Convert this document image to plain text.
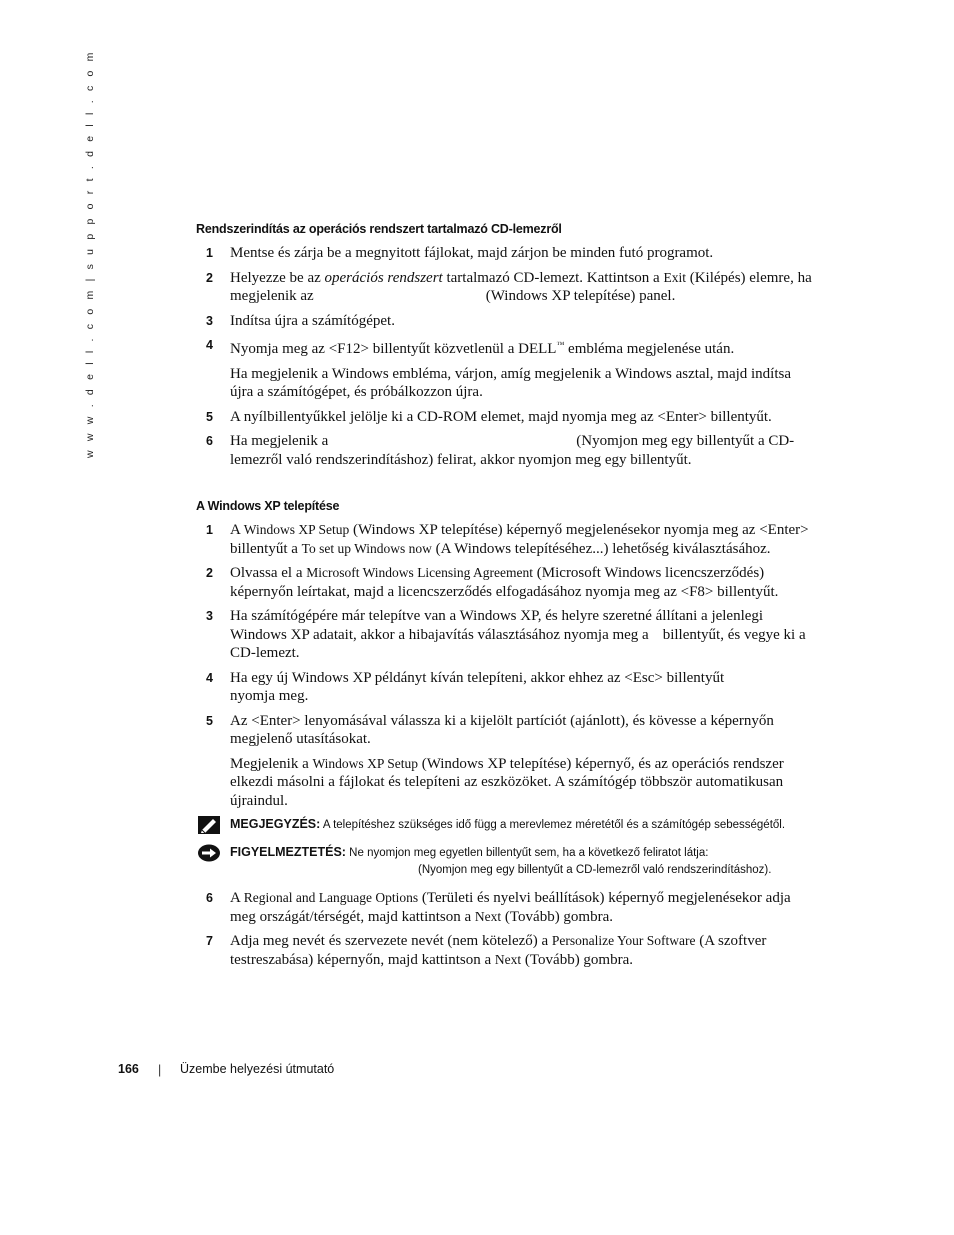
w w w . d e l l . c o m | s u p p o r t . d e l l . c o m	Rendszerindítás az operációs rendszert tartalmazó CD-lemezről
1 Mentse és zárja be a megnyitott fájlokat, majd zárjon be minden futó programot.

2 Helyezze be az operációs rendszert tartalmazó CD-lemezt. Kattintson a Exit (Kilépés) elemre, ha megjelenik az	(Windows XP telepítése) panel.

3 Indítsa újra a számítógépet.

4 Nyomja meg az <F12> billentyűt közvetlenül a DELL™ embléma megjelenése után.

Ha megjelenik a Windows embléma, várjon, amíg megjelenik a Windows asztal, majd indítsa újra a számítógépet, és próbálkozzon újra.

5 A nyílbillentyűkkel jelölje ki a CD-ROM elemet, majd nyomja meg az <Enter> billentyűt.

6 Ha megjelenik a	(Nyomjon meg egy billentyűt a CD-lemezről való rendszerindításhoz) felirat, akkor nyomjon meg egy billentyűt.

A Windows XP telepítése
1 A Windows XP Setup (Windows XP telepítése) képernyő megjelenésekor nyomja meg az <Enter> billentyűt a To set up Windows now (A Windows telepítéséhez...) lehetőség kiválasztásához.

2 Olvassa el a Microsoft Windows Licensing Agreement (Microsoft Windows licencszerződés) képernyőn leírtakat, majd a licencszerződés elfogadásához nyomja meg az <F8> billentyűt.

3 Ha számítógépére már telepítve van a Windows XP, és helyre szeretné állítani a jelenlegi Windows XP adatait, akkor a hibajavítás választásához nyomja meg a billentyűt, és vegye ki a CD-lemezt.

4 Ha egy új Windows XP példányt kíván telepíteni, akkor ehhez az <Esc> billentyűt nyomja meg.

5 Az <Enter> lenyomásával válassza ki a kijelölt partíciót (ajánlott), és kövesse a képernyőn megjelenő utasításokat.

Megjelenik a Windows XP Setup (Windows XP telepítése) képernyő, és az operációs rendszer elkezdi másolni a fájlokat és telepíteni az eszközöket. A számítógép többször automatikusan újraindul.

MEGJEGYZÉS: A telepítéshez szükséges idő függ a merevlemez méretétől és a számítógép sebességétől.
FIGYELMEZTETÉS: Ne nyomjon meg egyetlen billentyűt sem, ha a következő feliratot látja:
(Nyomjon meg egy billentyűt a CD-lemezről való rendszerindításhoz).
6 A Regional and Language Options (Területi és nyelvi beállítások) képernyő megjelenésekor adja meg országát/térségét, majd kattintson a Next (Tovább) gombra.

7 Adja meg nevét és szervezete nevét (nem kötelező) a Personalize Your Software (A szoftver testreszabása) képernyőn, majd kattintson a Next (Tovább) gombra.

166 | Üzembe helyezési útmutató
